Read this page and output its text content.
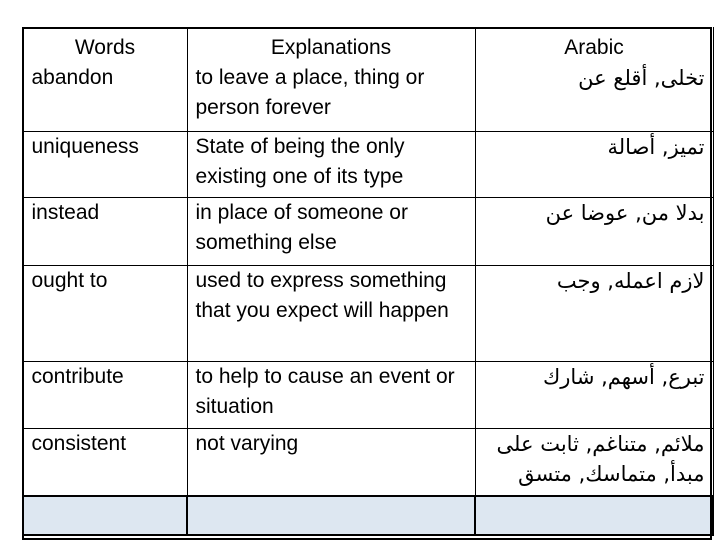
Words	Explanations	Arabic
abandon	to leave a place, thing or person forever	تخلى, أقلع عن
uniqueness	State of being the only existing one of its type	تميز, أصالة
instead	in place of someone or something else	بدلا من, عوضا عن
ought to	used to express something that you expect will happen	لازم اعمله, وجب
contribute	to help to cause an event or situation	تبرع, أسهم, شارك
consistent	not varying	ملائم, متناغم, ثابت على مبدأ, متماسك, متسق
